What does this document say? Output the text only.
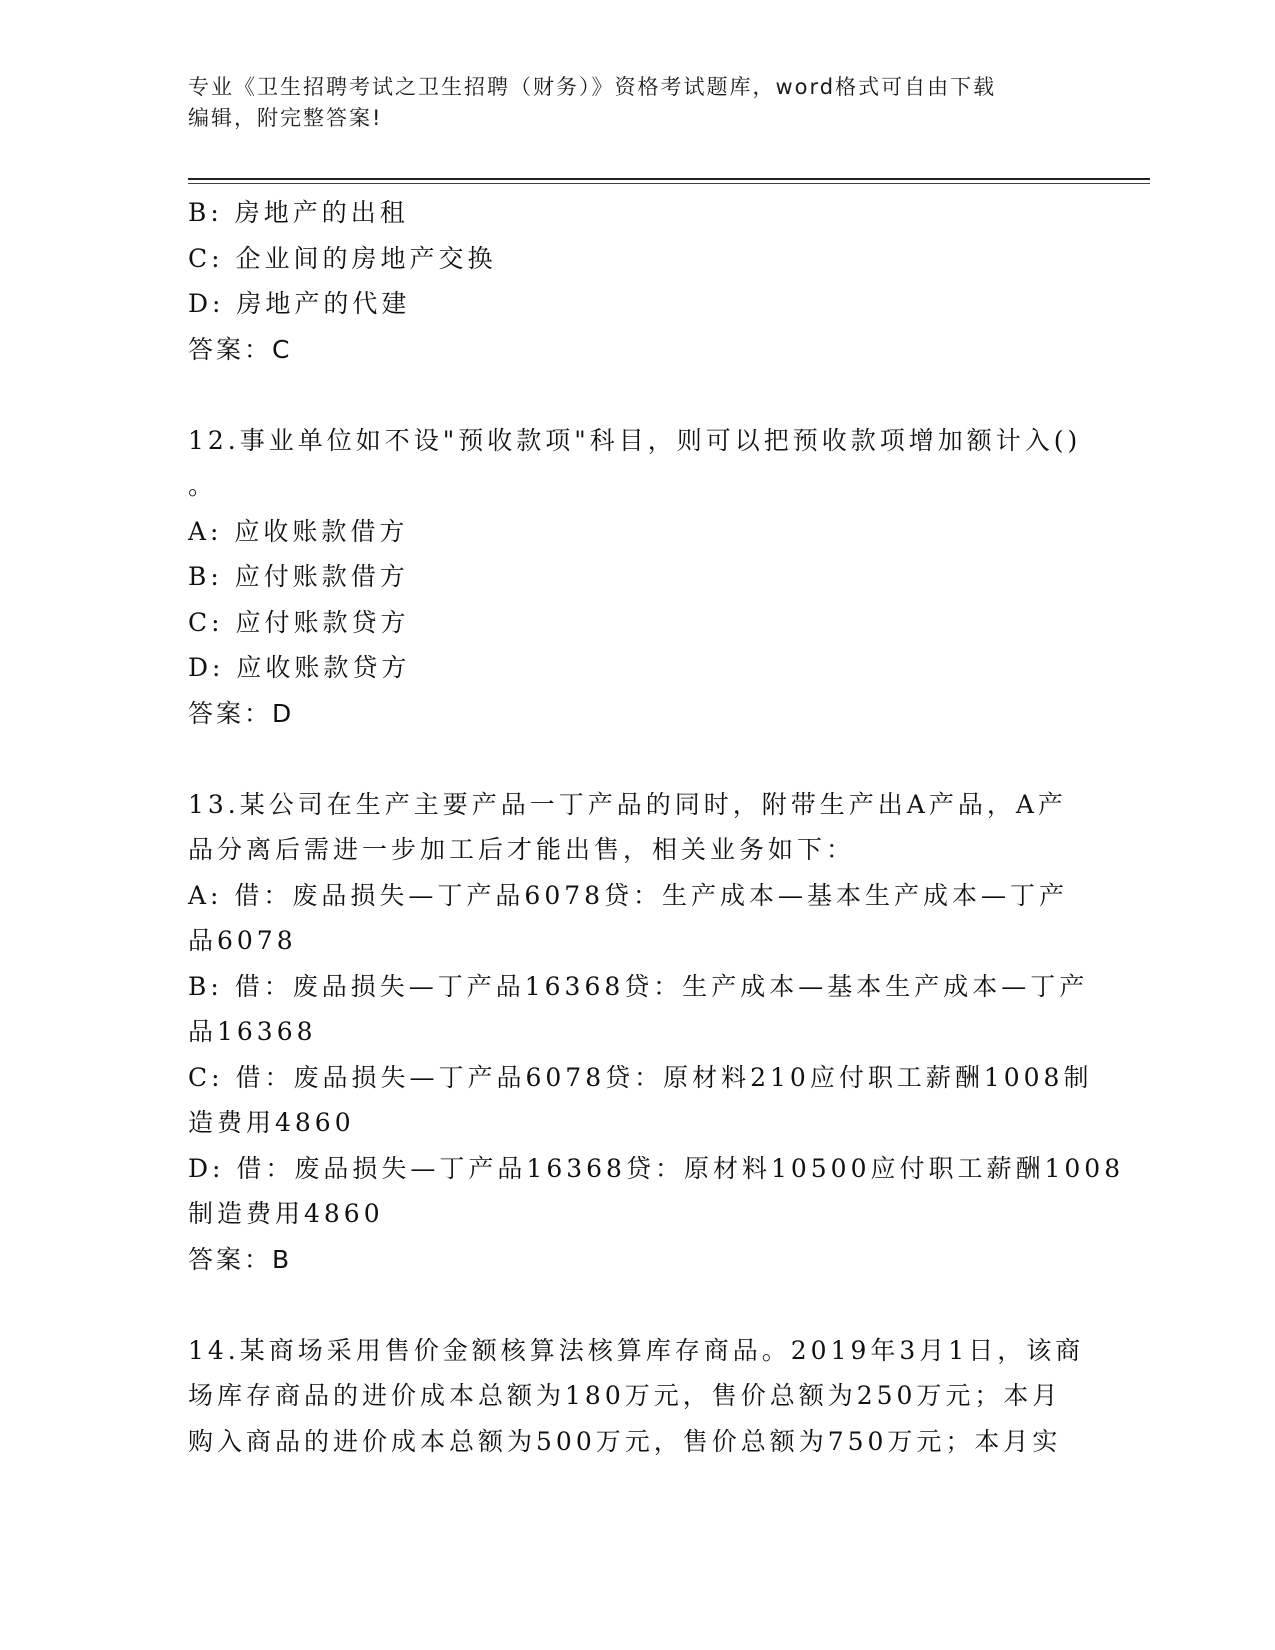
专业《卫生招聘考试之卫生招聘（财务）》资格考试题库，word格式可自由下载
编辑，附完整答案!
B: 房地产的出租
C: 企业间的房地产交换
D: 房地产的代建
答案：C
12.事业单位如不设"预收款项"科目，则可以把预收款项增加额计入()
。
A: 应收账款借方
B: 应付账款借方
C: 应付账款贷方
D: 应收账款贷方
答案：D
13.某公司在生产主要产品一丁产品的同时，附带生产出A产品，A产
品分离后需进一步加工后才能出售，相关业务如下：
A: 借：废品损失—丁产品6078贷：生产成本—基本生产成本—丁产
品6078
B: 借：废品损失—丁产品16368贷：生产成本—基本生产成本—丁产
品16368
C: 借：废品损失—丁产品6078贷：原材料210应付职工薪酬1008制
造费用4860
D: 借：废品损失—丁产品16368贷：原材料10500应付职工薪酬1008
制造费用4860
答案：B
14.某商场采用售价金额核算法核算库存商品。2019年3月1日，该商
场库存商品的进价成本总额为180万元，售价总额为250万元；本月
购入商品的进价成本总额为500万元，售价总额为750万元；本月实
